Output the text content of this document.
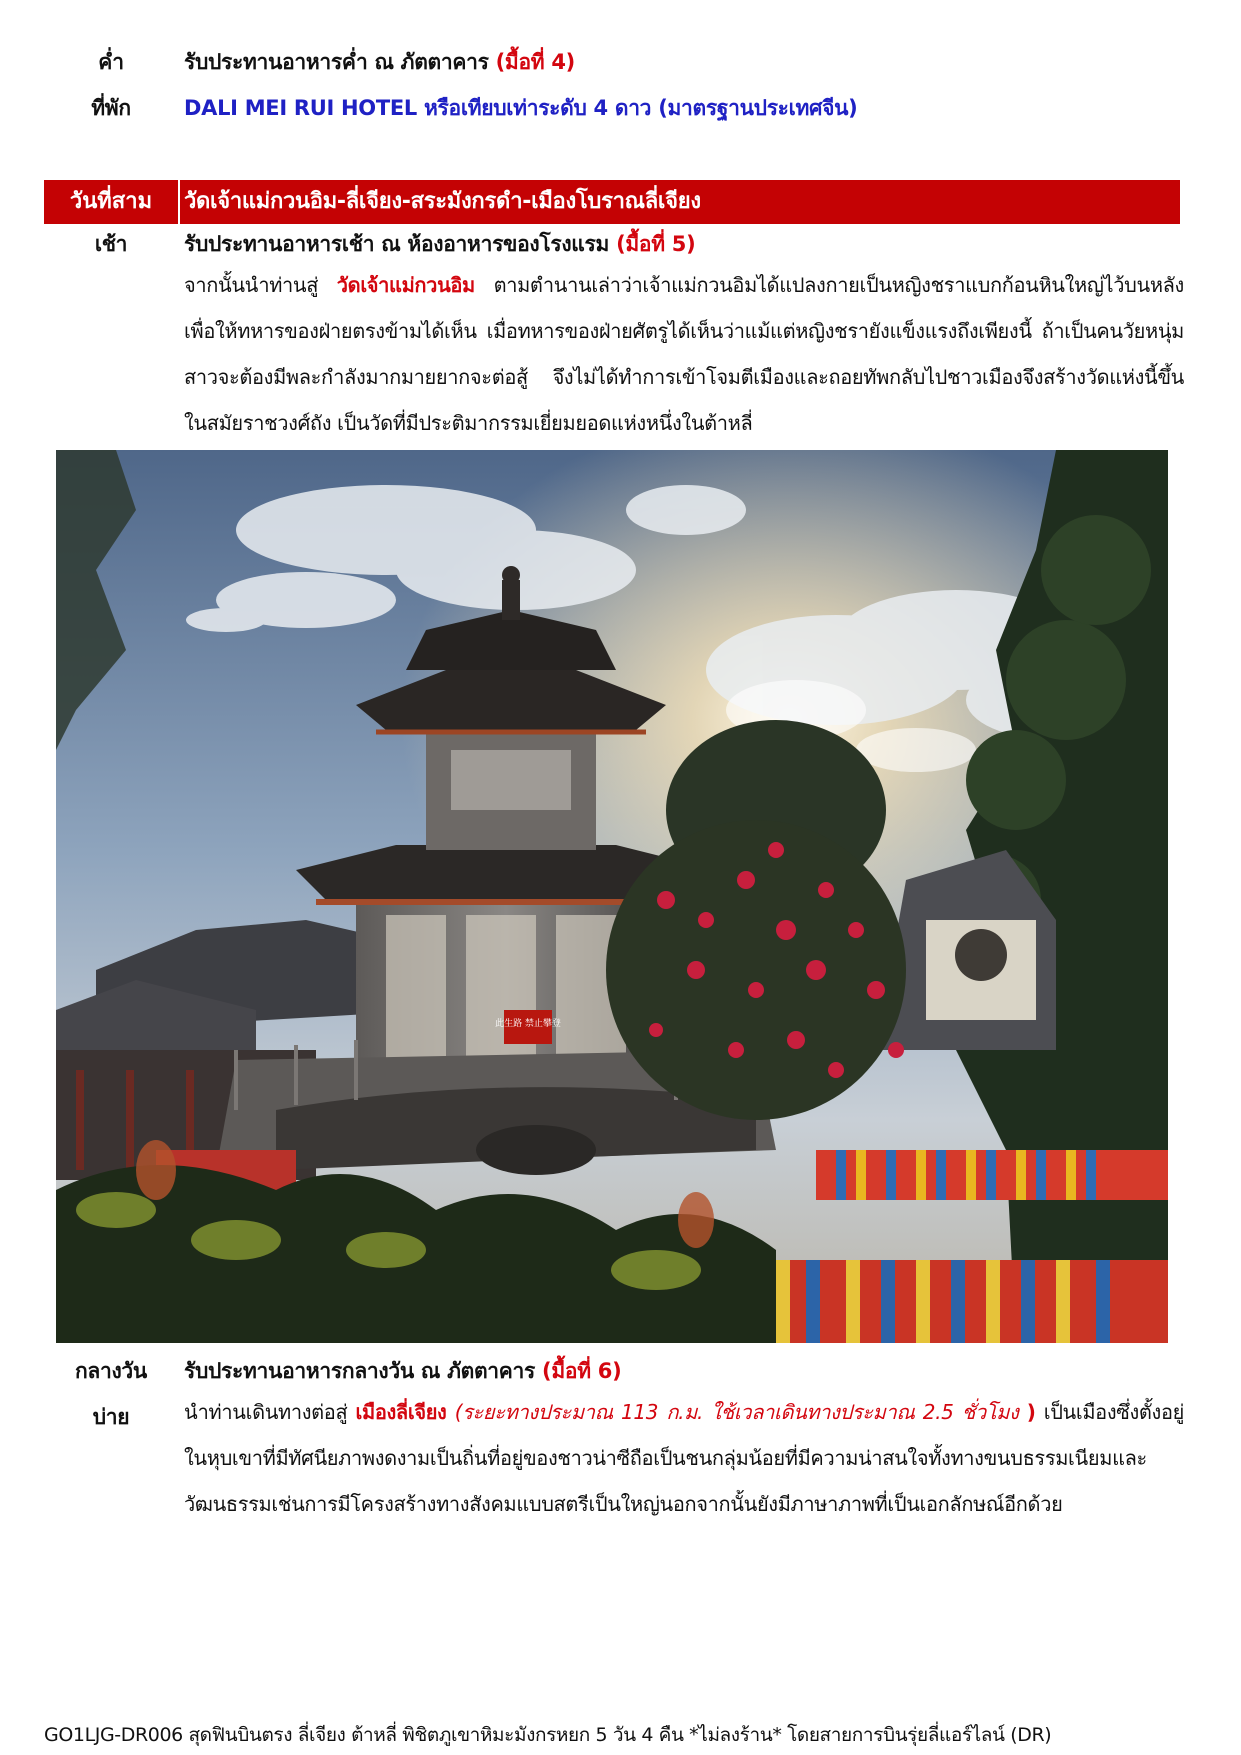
ค่ำ	รับประทานอาหารค่ำ ณ ภัตตาคาร (มื้อที่ 4)
ที่พัก	DALI MEI RUI HOTEL หรือเทียบเท่าระดับ 4 ดาว (มาตรฐานประเทศจีน)
วันที่สาม	วัดเจ้าแม่กวนอิม-ลี่เจียง-สระมังกรดำ-เมืองโบราณลี่เจียง
เช้า	รับประทานอาหารเช้า ณ ห้องอาหารของโรงแรม (มื้อที่ 5)
จากนั้นนำท่านสู่ วัดเจ้าแม่กวนอิม ตามตำนานเล่าว่าเจ้าแม่กวนอิมได้แปลงกายเป็นหญิงชราแบกก้อนหินใหญ่ไว้บนหลังเพื่อให้ทหารของฝ่ายตรงข้ามได้เห็น เมื่อทหารของฝ่ายศัตรูได้เห็นว่าแม้แต่หญิงชรายังแข็งแรงถึงเพียงนี้ ถ้าเป็นคนวัยหนุ่มสาวจะต้องมีพละกำลังมากมายยากจะต่อสู้ จึงไม่ได้ทำการเข้าโจมตีเมืองและถอยทัพกลับไปชาวเมืองจึงสร้างวัดแห่งนี้ขึ้นในสมัยราชวงศ์ถัง เป็นวัดที่มีประติมากรรมเยี่ยมยอดแห่งหนึ่งในต้าหลี่
此生路 禁止攀登
กลางวัน	รับประทานอาหารกลางวัน ณ ภัตตาคาร (มื้อที่ 6)
บ่าย	นำท่านเดินทางต่อสู่ เมืองลี่เจียง (ระยะทางประมาณ 113 ก.ม. ใช้เวลาเดินทางประมาณ 2.5 ชั่วโมง ) เป็นเมืองซึ่งตั้งอยู่ในหุบเขาที่มีทัศนียภาพงดงามเป็นถิ่นที่อยู่ของชาวน่าซีถือเป็นชนกลุ่มน้อยที่มีความน่าสนใจทั้งทางขนบธรรมเนียมและวัฒนธรรมเช่นการมีโครงสร้างทางสังคมแบบสตรีเป็นใหญ่นอกจากนั้นยังมีภาษาภาพที่เป็นเอกลักษณ์อีกด้วย
GO1LJG-DR006 สุดฟินบินตรง ลี่เจียง ต้าหลี่ พิชิตภูเขาหิมะมังกรหยก 5 วัน 4 คืน *ไม่ลงร้าน* โดยสายการบินรุ่ยลี่แอร์ไลน์ (DR)
